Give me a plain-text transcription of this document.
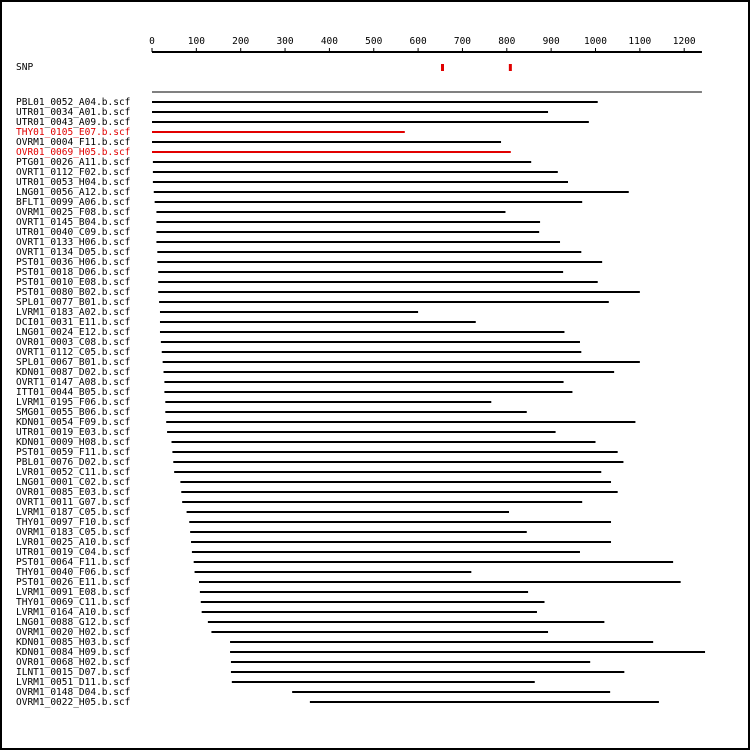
0	100	200	300	400	500	600	700	800	900	1000 1100 1200
SNP
PBL01_0052_A04.b.scf
UTR01_0034_A01.b.scf
UTR01_0043_A09.b.scf
THY01_0105_E07.b.scf
OVRM1_0004_F11.b.scf
OVR01_0069_H05.b.scf
PTG01_0026_A11.b.scf
OVRT1_0112_F02.b.scf
UTR01_0053_H04.b.scf
LNG01_0056_A12.b.scf
BFLT1_0099_A06.b.scf
OVRM1_0025_F08.b.scf
OVRT1_0145_B04.b.scf
UTR01_0040_C09.b.scf
OVRT1_0133_H06.b.scf
OVRT1_0134_D05.b.scf
PST01_0036_H06.b.scf
PST01_0018_D06.b.scf
PST01_0010_E08.b.scf
PST01_0080_B02.b.scf
SPL01_0077_B01.b.scf
LVRM1_0183_A02.b.scf
DCI01_0031_E11.b.scf
LNG01_0024_E12.b.scf
OVR01_0003_C08.b.scf
OVRT1_0112_C05.b.scf
SPL01_0067_B01.b.scf
KDN01_0087_D02.b.scf
OVRT1_0147_A08.b.scf
ITT01_0044_B05.b.scf
LVRM1_0195_F06.b.scf
SMG01_0055_B06.b.scf
KDN01_0054_F09.b.scf
UTR01_0019_E03.b.scf
KDN01_0009_H08.b.scf
PST01_0059_F11.b.scf
PBL01_0076_D02.b.scf
LVR01_0052_C11.b.scf
LNG01_0001_C02.b.scf
OVR01_0085_E03.b.scf
OVRT1_0011_G07.b.scf
LVRM1_0187_C05.b.scf
THY01_0097_F10.b.scf
OVRM1_0183_C05.b.scf
LVR01_0025_A10.b.scf
UTR01_0019_C04.b.scf
PST01_0064_F11.b.scf
THY01_0040_F06.b.scf
PST01_0026_E11.b.scf
LVRM1_0091_E08.b.scf
THY01_0069_C11.b.scf
LVRM1_0164_A10.b.scf
LNG01_0088_G12.b.scf
OVRM1_0020_H02.b.scf
KDN01_0085_H03.b.scf
KDN01_0084_H09.b.scf
OVR01_0068_H02.b.scf
ILNT1_0015_D07.b.scf
LVRM1_0051_D11.b.scf
OVRM1_0148_D04.b.scf
OVRM1_0022_H05.b.scf
